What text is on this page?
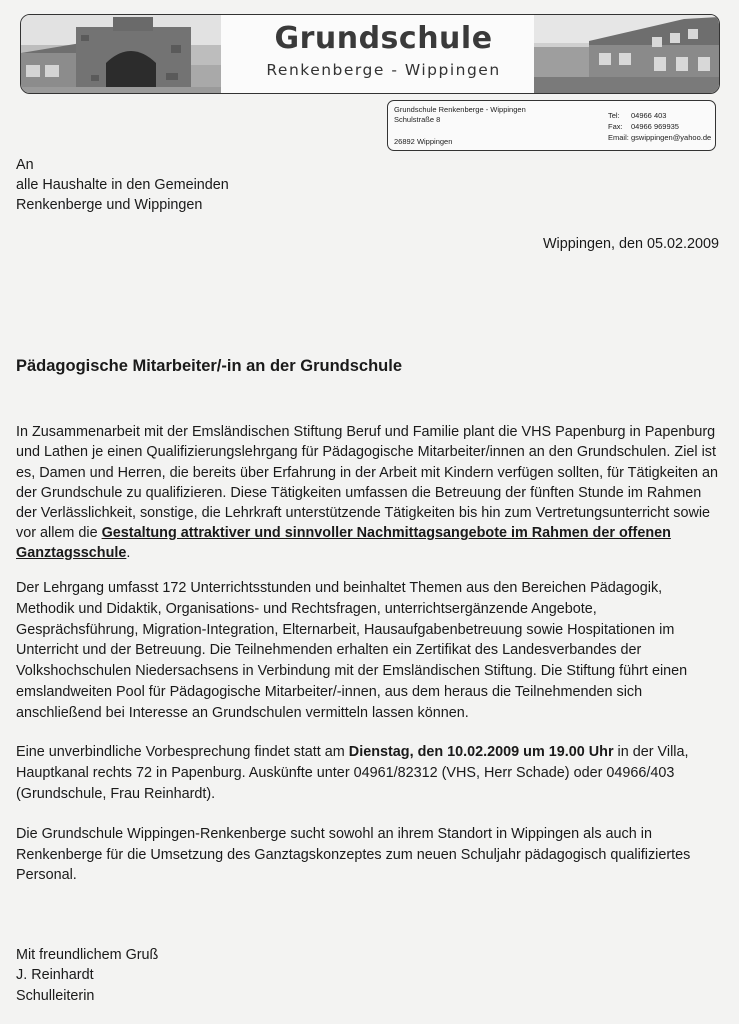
Grundschule
Renkenberge - Wippingen
Grundschule Renkenberge - Wippingen
Schulstraße 8
26892 Wippingen
Tel: 04966 403
Fax: 04966 969935
Email: gswippingen@yahoo.de
An
alle Haushalte in den Gemeinden
Renkenberge und Wippingen
Wippingen, den 05.02.2009
Pädagogische Mitarbeiter/-in an der Grundschule
In Zusammenarbeit mit der Emsländischen Stiftung Beruf und Familie plant die VHS Papenburg in Papenburg
und Lathen je einen Qualifizierungslehrgang für Pädagogische Mitarbeiter/innen an den Grundschulen. Ziel ist
es, Damen und Herren, die bereits über Erfahrung in der Arbeit mit Kindern verfügen sollten, für Tätigkeiten an
der Grundschule zu qualifizieren. Diese Tätigkeiten umfassen die Betreuung der fünften Stunde im Rahmen
der Verlässlichkeit, sonstige, die Lehrkraft unterstützende Tätigkeiten bis hin zum Vertretungsunterricht sowie
vor allem die Gestaltung attraktiver und sinnvoller Nachmittagsangebote im Rahmen der offenen
Ganztagsschule.
Der Lehrgang umfasst 172 Unterrichtsstunden und beinhaltet Themen aus den Bereichen Pädagogik,
Methodik und Didaktik, Organisations- und Rechtsfragen, unterrichtsergänzende Angebote,
Gesprächsführung, Migration-Integration, Elternarbeit, Hausaufgabenbetreuung sowie Hospitationen im
Unterricht und der Betreuung. Die Teilnehmenden erhalten ein Zertifikat des Landesverbandes der
Volkshochschulen Niedersachsens in Verbindung mit der Emsländischen Stiftung. Die Stiftung führt einen
emslandweiten Pool für Pädagogische Mitarbeiter/-innen, aus dem heraus die Teilnehmenden sich
anschließend bei Interesse an Grundschulen vermitteln lassen können.
Eine unverbindliche Vorbesprechung findet statt am Dienstag, den 10.02.2009 um 19.00 Uhr in der Villa,
Hauptkanal rechts 72 in Papenburg. Auskünfte unter 04961/82312 (VHS, Herr Schade) oder 04966/403
(Grundschule, Frau Reinhardt).
Die Grundschule Wippingen-Renkenberge sucht sowohl an ihrem Standort in Wippingen als auch in
Renkenberge für die Umsetzung des Ganztagskonzeptes zum neuen Schuljahr pädagogisch qualifiziertes
Personal.
Mit freundlichem Gruß
J. Reinhardt
Schulleiterin
